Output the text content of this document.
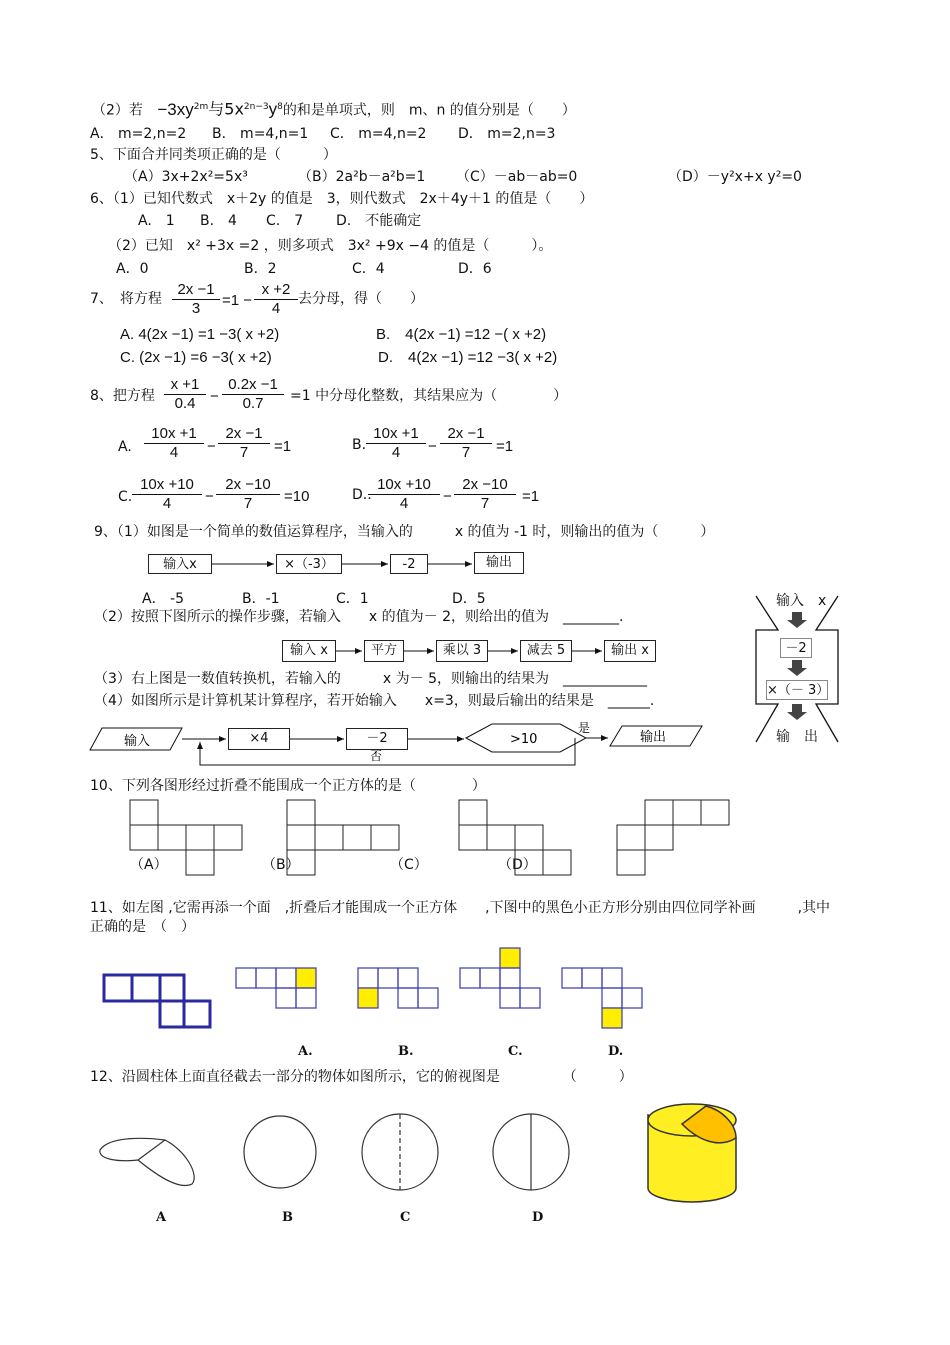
（2）若 $-3xy^{2m}$与$5x^{2n-3}y^8$的和是单项式，则　m、n 的值分别是（　　）
A． m=2,n=2 B． m=4,n=1 C． m=4,n=2 D． m=2,n=3
5、下面合并同类项正确的是（　　　）
（A）3x+2x²=5x³	（B）2a²b－a²b=1 （C）－ab－ab=0	（D）－y²x+x y²=0
6、（1）已知代数式　x＋2y 的值是　3，则代数式　2x＋4y＋1 的值是（　　）
A.　1 B.　4 C.　7 D.　不能确定
（2）已知　x² +3x =2 ，则多项式　3x² +9x −4 的值是（　　　）。
A．0	B．2	C．4	D．6
7、　将方程 $\frac{2x -1}{3} =1 - \frac{x +2}{4}$ 去分母，得（　　）
A. 4(2x −1) =1 −3( x +2)	B.　4(2x −1) =12 −( x +2)
C. (2x −1) =6 −3( x +2)	D.　4(2x −1) =12 −3( x +2)
8、把方程 $\frac{x +1}{0.4} - \frac{0.2x -1}{0.7} =1$ 中分母化整数，其结果应为（　　　　）
A. $\frac{10x +1}{4} - \frac{2x -1}{7} =1$	B. $\frac{10x +1}{4} - \frac{2x -1}{7} =1$
C. $\frac{10x +10}{4} - \frac{2x -10}{7} =10$	D..
$\frac{10x +10}{4} - \frac{2x -10}{7} =1$
9、（1）如图是一个简单的数值运算程序，当输入的　　　x 的值为 -1 时，则输出的值为（　　　）
输入x	×（-3）	-2	输出
A． -5	B．-1	C．1	D．5
（2）按照下图所示的操作步骤，若输入　　x 的值为－ 2，则给出的值为　________.
输入 x	平方	乘以 3	减去 5	输出 x
（3）右上图是一数值转换机，若输入的　　　x 为－ 5，则输出的结果为　____________
（4）如图所示是计算机某计算程序，若开始输入　　x=3，则最后输出的结果是　______.
×4	－2
输入　x
－2
×（－ 3）
输　出
10、下列各图形经过折叠不能围成一个正方体的是（　　　　）
（A）	（B）	（C）	（D）
11、如左图 ,它需再添一个面　,折叠后才能围成一个正方体　　,下图中的黑色小正方形分别由四位同学补画　　　,其中
正确的是　（　）
A.	B.	C.	D.
12、沿圆柱体上面直径截去一部分的物体如图所示，它的俯视图是　　　　　（　　　）
A	B	C	D
输入	>10	输出
是
否
